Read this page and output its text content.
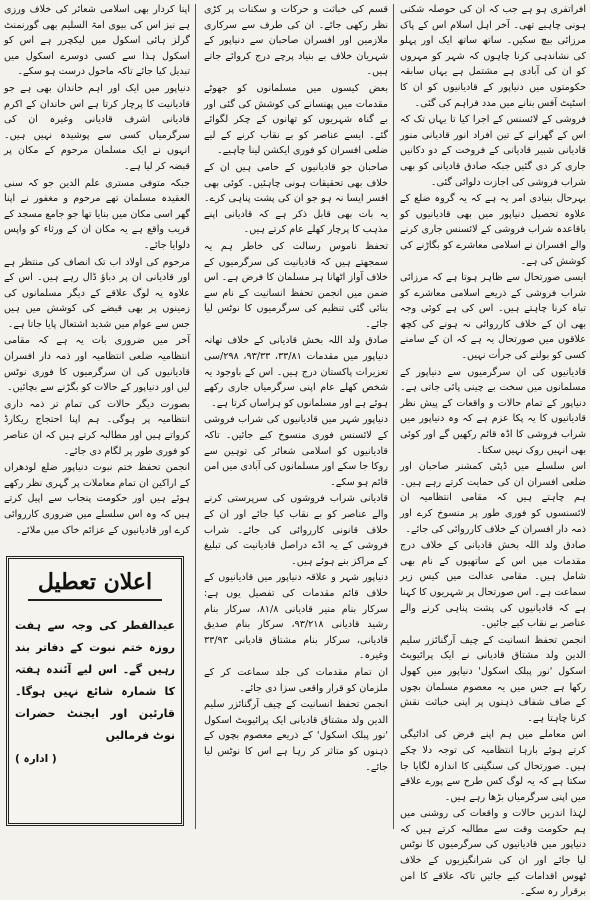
افراتفری ہو ہے جب کہ ان کی حوصلہ شکنی ہونی چاہیے تھی۔ آخر اہل اسلام اس کے پاک مرزائی بیچ سکیں۔ ساتھ ساتھ ایک اور پہلو کی نشاندہی کرنا چاہوں کہ شہر کو مہروں کو ان کی آبادی ہے مشتمل ہے یہاں سابقہ حکومتوں میں دنیاپور کے قادیانیوں کو ان کا اسٹیٹ آفس بنانے میں مدد فراہم کی گئی۔

فروشی کے لائسنس کے اجرا کیا تا یہاں تک کہ اس کے گھرانے کے تین افراد انور قادیانی منور قادیانی شبیر قادیانی کے فروخت کے دو دکانیں جاری کر دی گئیں جبکہ صادق قادیانی کو بھی شراب فروشی کی اجازت دلوائی گئی۔

بہرحال بنیادی امر یہ ہے کہ یہ گروہ ضلع کے علاوہ تحصیل دنیاپور میں بھی قادیانیوں کو باقاعدہ شراب فروشی کے لائسنس جاری کرنے والے افسران نے اسلامی معاشرے کو بگاڑنے کی کوشش کی ہے۔

ایسی صورتحال سے ظاہر ہوتا ہے کہ مرزائی شراب فروشی کے ذریعے اسلامی معاشرے کو تباہ کرنا چاہتے ہیں۔ اس کی ہے کوئی وجہ بھی ان کے خلاف کارروائی نہ ہونے کی کچھ علاقوں میں صورتحال یہ ہے کہ ان کے سامنے کسی کو بولنے کی جرأت نہیں۔

قادیانیوں کی ان سرگرمیوں سے دنیاپور کے مسلمانوں میں سخت بے چینی پائی جاتی ہے۔ دنیاپور کے تمام حالات و واقعات کے پیش نظر قادیانیوں کا یہ پکا عزم ہے کہ وہ دنیاپور میں شراب فروشی کا اڈہ قائم رکھیں گے اور کوئی بھی انہیں روک نہیں سکتا۔

اس سلسلے میں ڈپٹی کمشنر صاحبان اور ضلعی افسران ان کی حمایت کرتے رہے ہیں۔ ہم چاہتے ہیں کہ مقامی انتظامیہ ان لائسنسوں کو فوری طور پر منسوخ کرے اور ذمہ دار افسران کے خلاف کارروائی کی جائے۔

صادق ولد اللہ بخش قادیانی کے خلاف درج مقدمات میں اس کے ساتھیوں کے نام بھی شامل ہیں۔ مقامی عدالت میں کیس زیر سماعت ہے۔ اس صورتحال پر شہریوں کا کہنا ہے کہ قادیانیوں کی پشت پناہی کرنے والے عناصر بے نقاب کیے جائیں۔

انجمن تحفظ انسانیت کے چیف آرگنائزر سلیم الدین ولد مشتاق قادیانی نے ایک پرائیویٹ اسکول 'نور پبلک اسکول' دنیاپور میں کھول رکھا ہے جس میں یہ معصوم مسلمان بچوں کے صاف شفاف ذہنوں پر اپنی خباثت نقش کرنا چاہتا ہے۔

اس معاملے میں ہم اپنے فرض کی ادائیگی کرتے ہوئے بارہا انتظامیہ کی توجہ دلا چکے ہیں۔ صورتحال کی سنگینی کا اندازہ لگایا جا سکتا ہے کہ یہ لوگ کس طرح سے پورے علاقے میں اپنی سرگرمیاں بڑھا رہے ہیں۔

لہٰذا اندریں حالات و واقعات کی روشنی میں ہم حکومت وقت سے مطالبہ کرتے ہیں کہ دنیاپور میں قادیانیوں کی سرگرمیوں کا نوٹس لیا جائے اور ان کی شرانگیزیوں کے خلاف ٹھوس اقدامات کیے جائیں تاکہ علاقے کا امن برقرار رہ سکے۔

قسم کی خباثت و حرکات و سکنات پر کڑی نظر رکھی جائے۔ ان کی طرف سے سرکاری ملازمین اور افسران صاحبان سے دنیاپور کے شہریان خلاف بے بنیاد پرچے درج کروائے جاتے ہیں۔

بعض کیسوں میں مسلمانوں کو جھوٹے مقدمات میں پھنسانے کی کوشش کی گئی اور بے گناہ شہریوں کو تھانوں کے چکر لگوائے گئے۔ ایسے عناصر کو بے نقاب کرنے کے لیے ضلعی افسران کو فوری ایکشن لینا چاہیے۔

صاحبان جو قادیانیوں کے حامی ہیں ان کے خلاف بھی تحقیقات ہونی چاہئیں۔ کوئی بھی افسر ایسا نہ ہو جو ان کی پشت پناہی کرے۔ یہ بات بھی قابل ذکر ہے کہ قادیانی اپنے مذہب کا پرچار کھلے عام کرتے ہیں۔

تحفظ ناموس رسالت کی خاطر ہم یہ سمجھتے ہیں کہ قادیانیت کی سرگرمیوں کے خلاف آواز اٹھانا ہر مسلمان کا فرض ہے۔ اس ضمن میں انجمن تحفظ انسانیت کے نام سے بنائی گئی تنظیم کی سرگرمیوں کا نوٹس لیا جائے۔

صادق ولد اللہ بخش قادیانی کے خلاف تھانہ دنیاپور میں مقدمات ۳۳/۸۱، ۹۳/۳۳، ۲۹۸/سی تعزیرات پاکستان درج ہیں۔ اس کے باوجود یہ شخص کھلے عام اپنی سرگرمیاں جاری رکھے ہوئے ہے اور مسلمانوں کو ہراساں کرتا ہے۔

دنیاپور شہر میں قادیانیوں کی شراب فروشی کے لائسنس فوری منسوخ کیے جائیں۔ تاکہ قادیانیوں کو اسلامی شعائر کی توہین سے روکا جا سکے اور مسلمانوں کی آبادی میں امن قائم ہو سکے۔

قادیانی شراب فروشوں کی سرپرستی کرنے والے عناصر کو بے نقاب کیا جائے اور ان کے خلاف قانونی کارروائی کی جائے۔ شراب فروشی کے یہ اڈے دراصل قادیانیت کی تبلیغ کے مراکز بنے ہوئے ہیں۔

دنیاپور شہر و علاقہ دنیاپور میں قادیانیوں کے خلاف قائم مقدمات کی تفصیل یوں ہے: سرکار بنام منیر قادیانی ۸۱/۸، سرکار بنام رشید قادیانی ۹۳/۲۱۸، سرکار بنام صدیق قادیانی، سرکار بنام مشتاق قادیانی ۳۳/۹۳ وغیرہ۔

ان تمام مقدمات کی جلد سماعت کر کے ملزمان کو قرار واقعی سزا دی جائے۔

انجمن تحفظ انسانیت کے چیف آرگنائزر سلیم الدین ولد مشتاق قادیانی ایک پرائیویٹ اسکول 'نور پبلک اسکول' کے ذریعے معصوم بچوں کے ذہنوں کو متاثر کر رہا ہے اس کا نوٹس لیا جائے۔

اپنا کردار بھی اسلامی شعائر کی خلاف ورزی ہے نیز اس کی بیوی امۃ السلیم بھی گورنمنٹ گرلز ہائی اسکول میں لیکچرر ہے اس کو اسکول ہذا سے کسی دوسرے اسکول میں تبدیل کیا جائے تاکہ ماحول درست ہو سکے۔

دنیاپور میں ایک اور اہم خاندان بھی ہے جو قادیانیت کا پرچار کرتا ہے اس خاندان کے اکرم قادیانی اشرف قادیانی وغیرہ ان کی سرگرمیاں کسی سے پوشیدہ نہیں ہیں۔ انہوں نے ایک مسلمان مرحوم کے مکان پر قبضہ کر لیا ہے۔

جبکہ متوفی مستری علم الدین جو کہ سنی العقیدہ مسلمان تھے مرحوم و مغفور نے اپنا گھر اسی مکان میں بنایا تھا جو جامع مسجد کے قریب واقع ہے یہ مکان ان کے ورثاء کو واپس دلوایا جائے۔

مرحوم کی اولاد اب تک انصاف کی منتظر ہے اور قادیانی ان پر دباؤ ڈال رہے ہیں۔ اس کے علاوہ یہ لوگ علاقے کے دیگر مسلمانوں کی زمینوں پر بھی قبضے کی کوشش میں ہیں جس سے عوام میں شدید اشتعال پایا جاتا ہے۔

آخر میں ضروری بات یہ ہے کہ مقامی انتظامیہ ضلعی انتظامیہ اور ذمہ دار افسران قادیانیوں کی ان سرگرمیوں کا فوری نوٹس لیں اور دنیاپور کے حالات کو بگڑنے سے بچائیں۔

بصورت دیگر حالات کی تمام تر ذمہ داری انتظامیہ پر ہوگی۔ ہم اپنا احتجاج ریکارڈ کرواتے ہیں اور مطالبہ کرتے ہیں کہ ان عناصر کو فوری طور پر لگام دی جائے۔

انجمن تحفظ ختم نبوت دنیاپور ضلع لودھراں کے اراکین ان تمام معاملات پر گہری نظر رکھے ہوئے ہیں اور حکومت پنجاب سے اپیل کرتے ہیں کہ وہ اس سلسلے میں ضروری کارروائی کرے اور قادیانیوں کے عزائم خاک میں ملائے۔

اعلان تعطیل
عیدالفطر کی وجہ سے ہفت روزہ ختم نبوت کے دفاتر بند رہیں گے۔ اس لیے آئندہ ہفتہ کا شمارہ شائع نہیں ہوگا۔ قارئین اور ایجنٹ حضرات نوٹ فرمالیں
( ادارہ )
